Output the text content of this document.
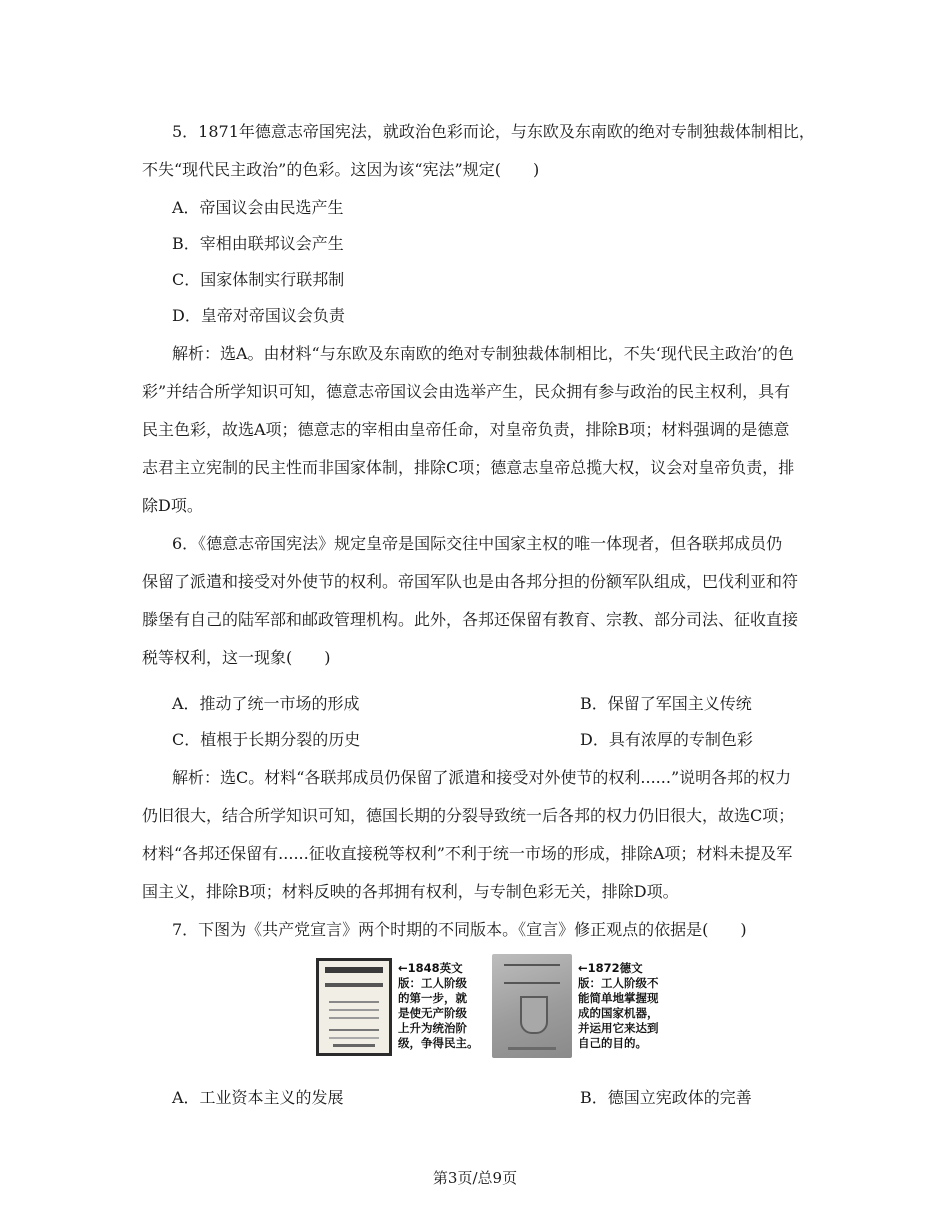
5．1871年德意志帝国宪法，就政治色彩而论，与东欧及东南欧的绝对专制独裁体制相比，
不失“现代民主政治”的色彩。这因为该“宪法”规定(　　)
A．帝国议会由民选产生
B．宰相由联邦议会产生
C．国家体制实行联邦制
D．皇帝对帝国议会负责
解析：选A。由材料“与东欧及东南欧的绝对专制独裁体制相比，不失‘现代民主政治’的色
彩”并结合所学知识可知，德意志帝国议会由选举产生，民众拥有参与政治的民主权利，具有
民主色彩，故选A项；德意志的宰相由皇帝任命，对皇帝负责，排除B项；材料强调的是德意
志君主立宪制的民主性而非国家体制，排除C项；德意志皇帝总揽大权，议会对皇帝负责，排
除D项。
6．《德意志帝国宪法》规定皇帝是国际交往中国家主权的唯一体现者，但各联邦成员仍
保留了派遣和接受对外使节的权利。帝国军队也是由各邦分担的份额军队组成，巴伐利亚和符
滕堡有自己的陆军部和邮政管理机构。此外，各邦还保留有教育、宗教、部分司法、征收直接
税等权利，这一现象(　　)
A．推动了统一市场的形成	B．保留了军国主义传统
C．植根于长期分裂的历史	D．具有浓厚的专制色彩
解析：选C。材料“各联邦成员仍保留了派遣和接受对外使节的权利......”说明各邦的权力
仍旧很大，结合所学知识可知，德国长期的分裂导致统一后各邦的权力仍旧很大，故选C项；
材料“各邦还保留有......征收直接税等权利”不利于统一市场的形成，排除A项；材料未提及军
国主义，排除B项；材料反映的各邦拥有权利，与专制色彩无关，排除D项。
7．下图为《共产党宣言》两个时期的不同版本。《宣言》修正观点的依据是(　　)
←1848英文
版：工人阶级
的第一步，就
是使无产阶级
上升为统治阶
级，争得民主。
←1872德文
版：工人阶级不
能简单地掌握现
成的国家机器，
并运用它来达到
自己的目的。
A．工业资本主义的发展	B．德国立宪政体的完善
第3页/总9页
